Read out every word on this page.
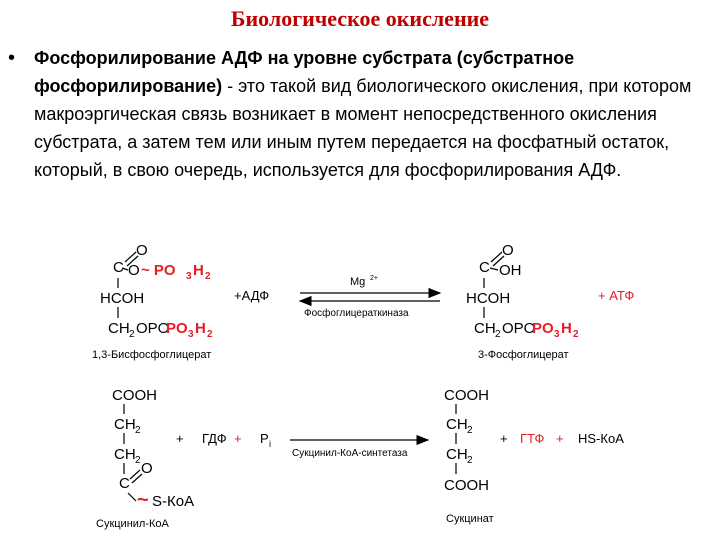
Биологическое окисление
• Фосфорилирование АДФ на уровне субстрата (субстратное фосфорилирование) - это такой вид биологического окисления, при котором макроэргическая связь возникает в момент непосредственного окисления субстрата, а затем тем или иным путем передается на фосфатный остаток, который, в свою очередь, используется для фосфорилирования АДФ.
C
O
O ~ PO 3 H 2
HCOH
CH 2 OPO
PO 3 H 2
1,3-Бисфосфоглицерат
+АДФ
Mg 2+
Фосфоглицераткиназа
C
O
OH
HCOH
CH 2 OPO
PO 3 H 2
3-Фосфоглицерат
+ АТФ
COOH
CH 2
CH 2
C
O
~ S-КoA
Сукцинил-КоА
+ ГДФ + P i
Сукцинил-КоА-синтетаза
COOH
CH 2
CH 2
COOH
Сукцинат
+ ГТФ + HS-КoA
